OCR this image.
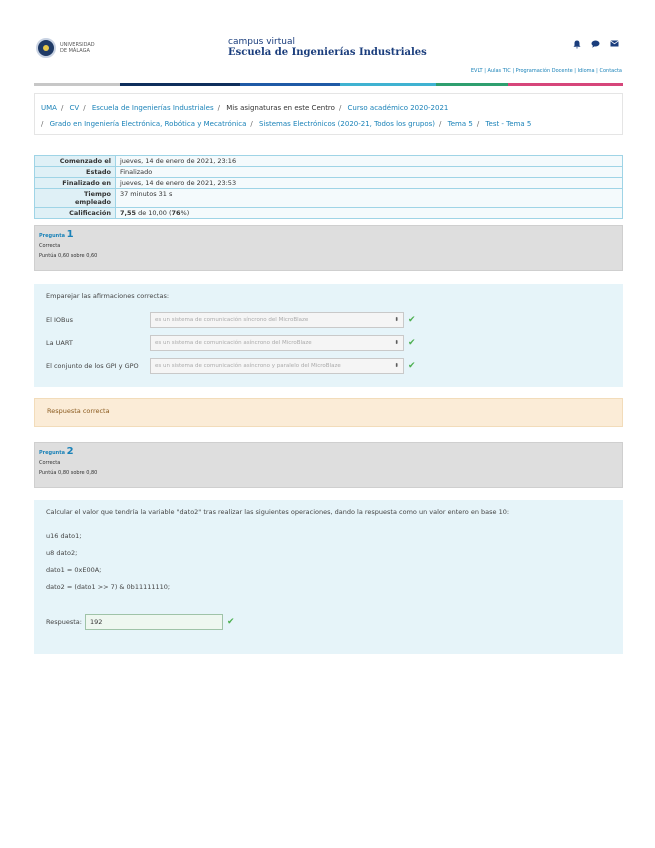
UNIVERSIDAD
DE MÁLAGA
campus virtual
Escuela de Ingenierías Industriales
EVLT | Aulas TIC | Programación Docente | Idioma | Contacta
UMA / CV / Escuela de Ingenierías Industriales / Mis asignaturas en este Centro / Curso académico 2020-2021
/ Grado en Ingeniería Electrónica, Robótica y Mecatrónica / Sistemas Electrónicos (2020-21, Todos los grupos) / Tema 5 / Test - Tema 5
Comenzado el	jueves, 14 de enero de 2021, 23:16
Estado	Finalizado
Finalizado en	jueves, 14 de enero de 2021, 23:53
Tiempo empleado	37 minutos 31 s
Calificación	7,55 de 10,00 (76%)
Pregunta 1
Correcta
Puntúa 0,60 sobre 0,60
Emparejar las afirmaciones correctas:
El IOBus	es un sistema de comunicación síncrono del MicroBlaze	⬍ ✔
La UART	es un sistema de comunicación asíncrono del MicroBlaze	⬍ ✔
El conjunto de los GPI y GPO	es un sistema de comunicación asíncrono y paralelo del MicroBlaze	⬍ ✔
Respuesta correcta
Pregunta 2
Correcta
Puntúa 0,80 sobre 0,80
Calcular el valor que tendría la variable "dato2" tras realizar las siguientes operaciones, dando la respuesta como un valor entero en base 10:
u16 dato1;
u8 dato2;
dato1 = 0xE00A;
dato2 = (dato1 >> 7) & 0b11111110;
Respuesta:	192	✔
